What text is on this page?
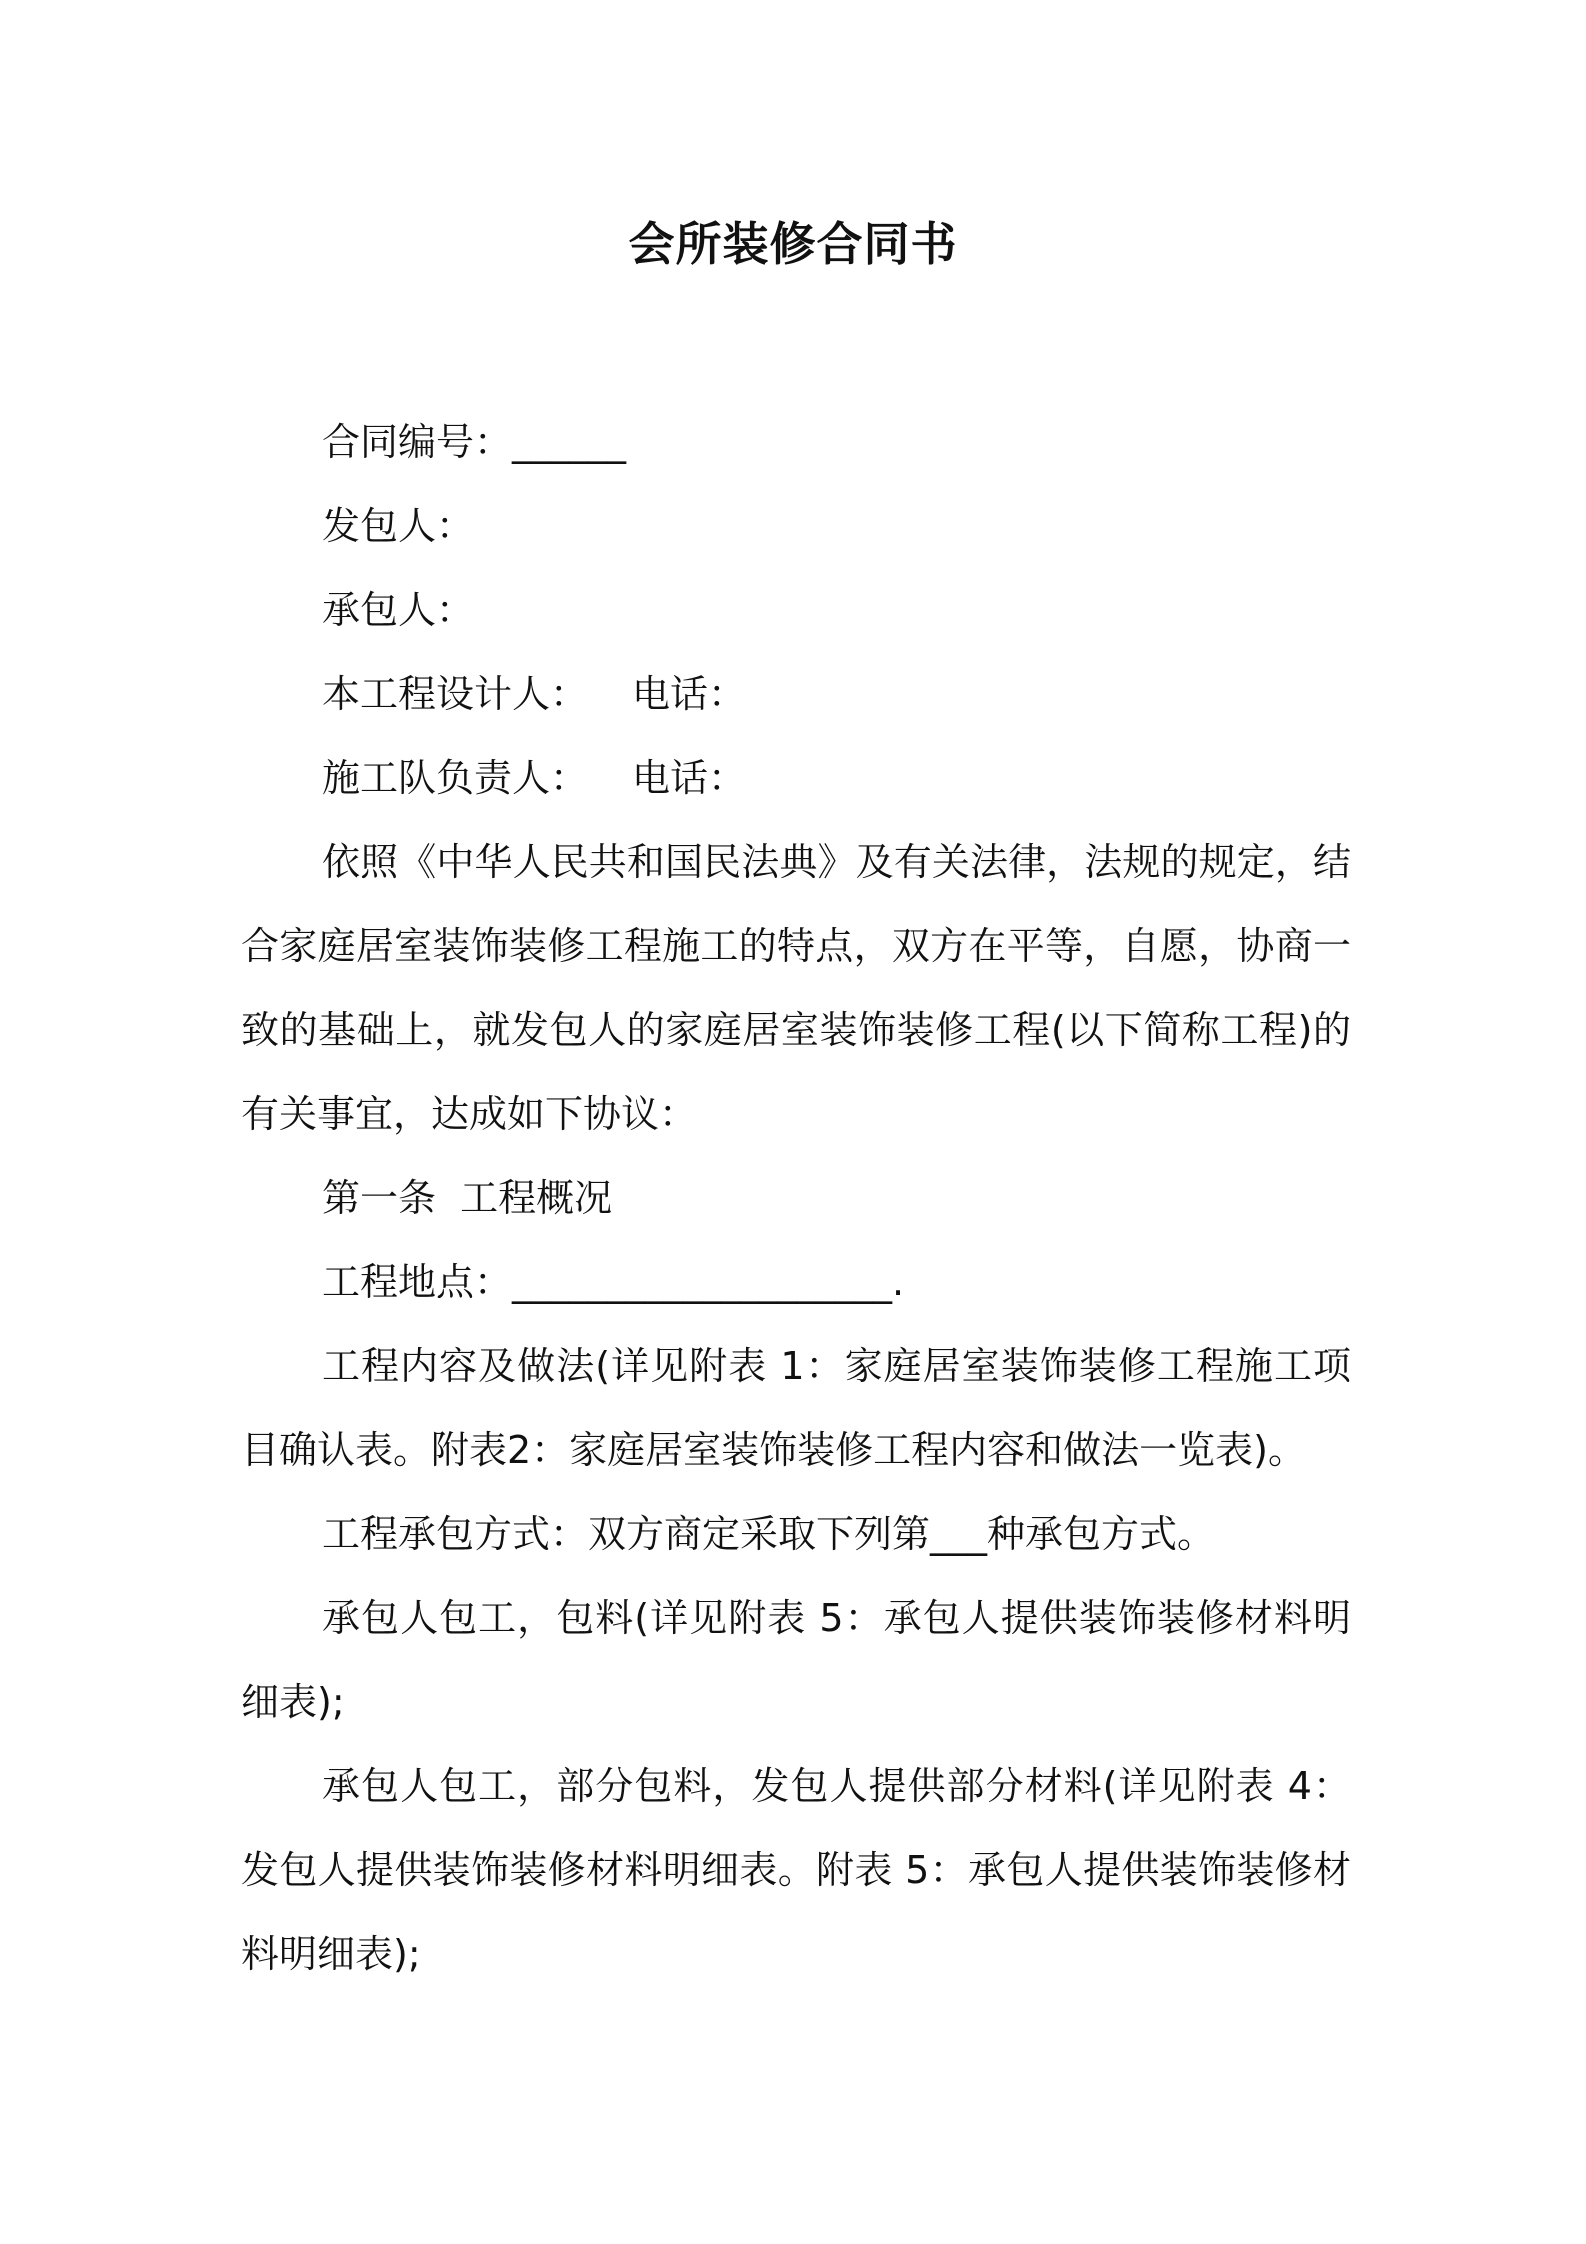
会所装修合同书

合同编号：______

发包人：

承包人：

本工程设计人： 电话：

施工队负责人： 电话：

依照《中华人民共和国民法典》及有关法律，法规的规定，结合家庭居室装饰装修工程施工的特点，双方在平等，自愿，协商一致的基础上，就发包人的家庭居室装饰装修工程(以下简称工程)的有关事宜，达成如下协议：

第一条  工程概况

工程地点：____________________.

工程内容及做法(详见附表 1：家庭居室装饰装修工程施工项目确认表。附表2：家庭居室装饰装修工程内容和做法一览表)。

工程承包方式：双方商定采取下列第___种承包方式。

承包人包工，包料(详见附表 5：承包人提供装饰装修材料明细表);

承包人包工，部分包料，发包人提供部分材料(详见附表 4：发包人提供装饰装修材料明细表。附表 5：承包人提供装饰装修材料明细表);
